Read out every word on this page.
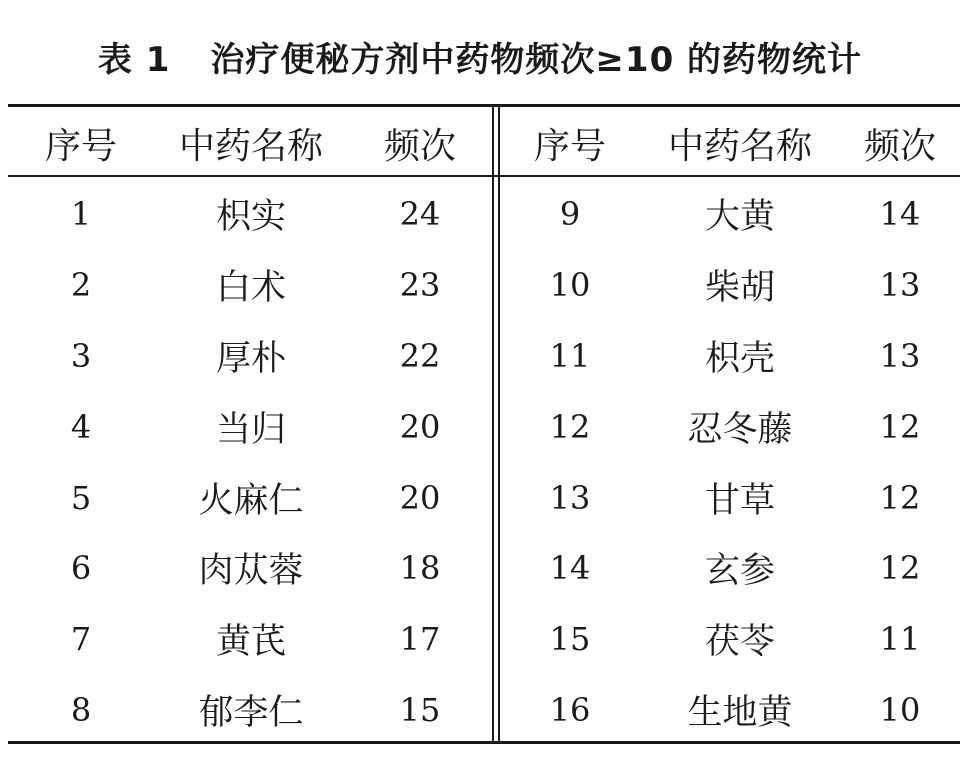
表 1 治疗便秘方剂中药物频次≥10 的药物统计
序号	中药名称	频次
1	枳实	24
2	白术	23
3	厚朴	22
4	当归	20
5	火麻仁	20
6	肉苁蓉	18
7	黄芪	17
8	郁李仁	15
序号	中药名称	频次
9	大黄	14
10	柴胡	13
11	枳壳	13
12	忍冬藤	12
13	甘草	12
14	玄参	12
15	茯苓	11
16	生地黄	10
